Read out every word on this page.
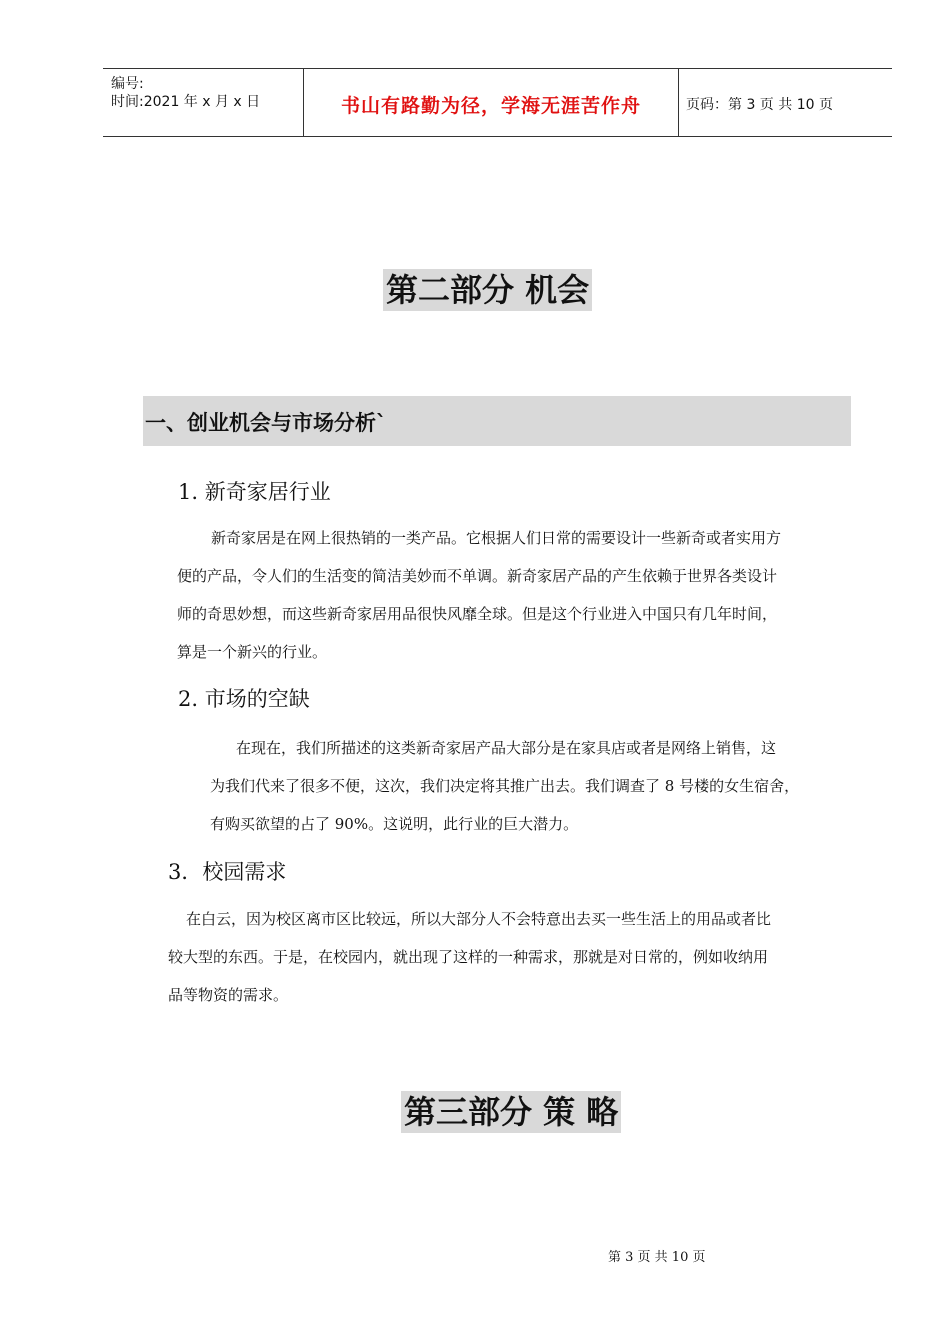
编号:
时间:2021 年 x 月 x 日	书山有路勤为径，学海无涯苦作舟	页码：第 3 页 共 10 页
第二部分 机会
一、创业机会与市场分析`
1. 新奇家居行业

新奇家居是在网上很热销的一类产品。它根据人们日常的需要设计一些新奇或者实用方
便的产品，令人们的生活变的简洁美妙而不单调。新奇家居产品的产生依赖于世界各类设计
师的奇思妙想，而这些新奇家居用品很快风靡全球。但是这个行业进入中国只有几年时间，
算是一个新兴的行业。

2. 市场的空缺

在现在，我们所描述的这类新奇家居产品大部分是在家具店或者是网络上销售，这
为我们代来了很多不便，这次，我们决定将其推广出去。我们调查了 8 号楼的女生宿舍，
有购买欲望的占了 90%。这说明，此行业的巨大潜力。

3．校园需求

在白云，因为校区离市区比较远，所以大部分人不会特意出去买一些生活上的用品或者比
较大型的东西。于是，在校园内，就出现了这样的一种需求，那就是对日常的，例如收纳用
品等物资的需求。

第三部分 策 略
第 3 页 共 10 页
